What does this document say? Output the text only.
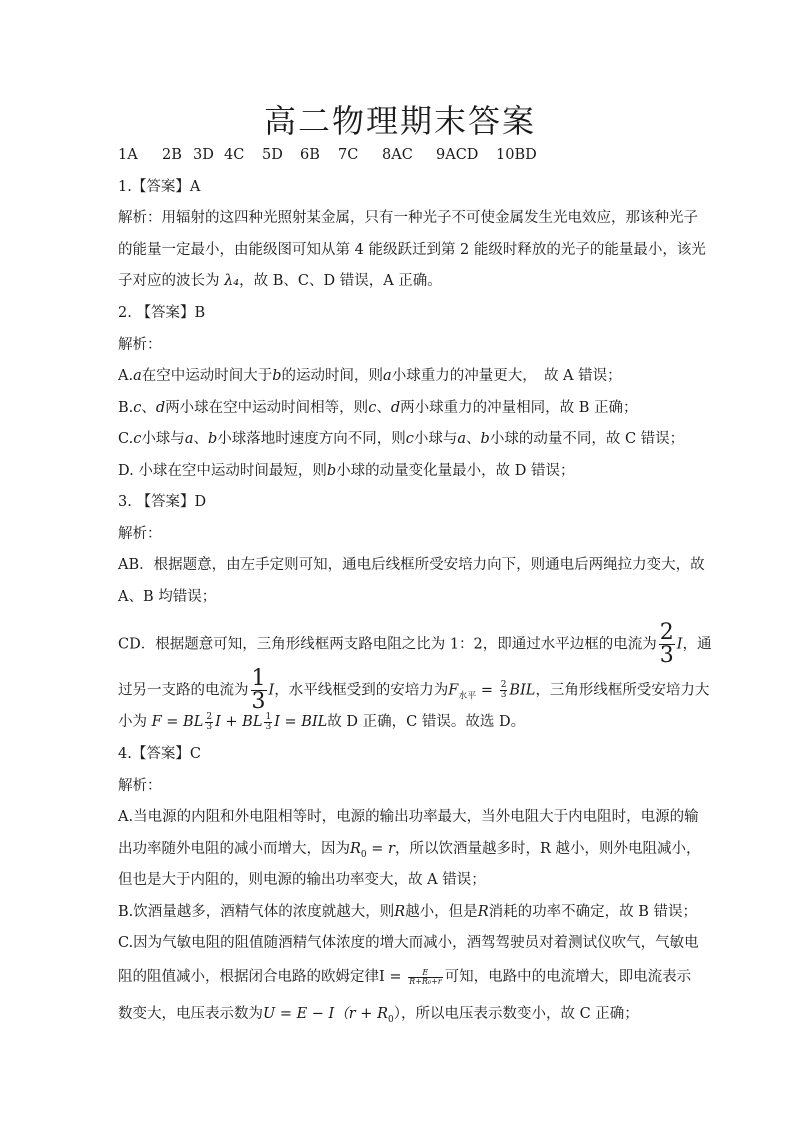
高二物理期末答案
1A 2B 3D 4C 5D 6B 7C 8AC 9ACD 10BD
1.【答案】A
解析：用辐射的这四种光照射某金属，只有一种光子不可使金属发生光电效应，那该种光子
的能量一定最小，由能级图可知从第 4 能级跃迁到第 2 能级时释放的光子的能量最小，该光
子对应的波长为 λ₄，故 B、C、D 错误，A 正确。
2. 【答案】B
解析：
A.a在空中运动时间大于b的运动时间，则a小球重力的冲量更大，　故 A 错误；
B.c、d两小球在空中运动时间相等，则c、d两小球重力的冲量相同，故 B 正确；
C.c小球与a、b小球落地时速度方向不同，则c小球与a、b小球的动量不同，故 C 错误；
D. 小球在空中运动时间最短，则b小球的动量变化量最小，故 D 错误；
3. 【答案】D
解析：
AB．根据题意，由左手定则可知，通电后线框所受安培力向下，则通电后两绳拉力变大，故
A、B 均错误；
CD．根据题意可知，三角形线框两支路电阻之比为 1：2，即通过水平边框的电流为 $\frac{2}{3}$ I，通
过另一支路的电流为 $\frac{1}{3}$ I，水平线框受到的安培力为$F_{水平} = \frac{2}{3}$ BIL，三角形线框所受安培力大
小为 F = BL $\frac{2}{3}$ I + BL $\frac{1}{3}$ I = BIL故 D 正确，C 错误。故选 D。
4.【答案】C
解析：
A.当电源的内阻和外电阻相等时，电源的输出功率最大，当外电阻大于内电阻时，电源的输
出功率随外电阻的减小而增大，因为$R_0 = r$，所以饮酒量越多时，R 越小，则外电阻减小，
但也是大于内阻的，则电源的输出功率变大，故 A 错误；
B.饮酒量越多，酒精气体的浓度就越大，则R越小，但是R消耗的功率不确定，故 B 错误；
C.因为气敏电阻的阻值随酒精气体浓度的增大而减小，酒驾驾驶员对着测试仪吹气，气敏电
阻的阻值减小，根据闭合电路的欧姆定律$I = \frac{E}{\text{R+R₀+r}}$ 可知，电路中的电流增大，即电流表示
数变大，电压表示数为$U = E - I(r + R_0)$，所以电压表示数变小，故 C 正确；
